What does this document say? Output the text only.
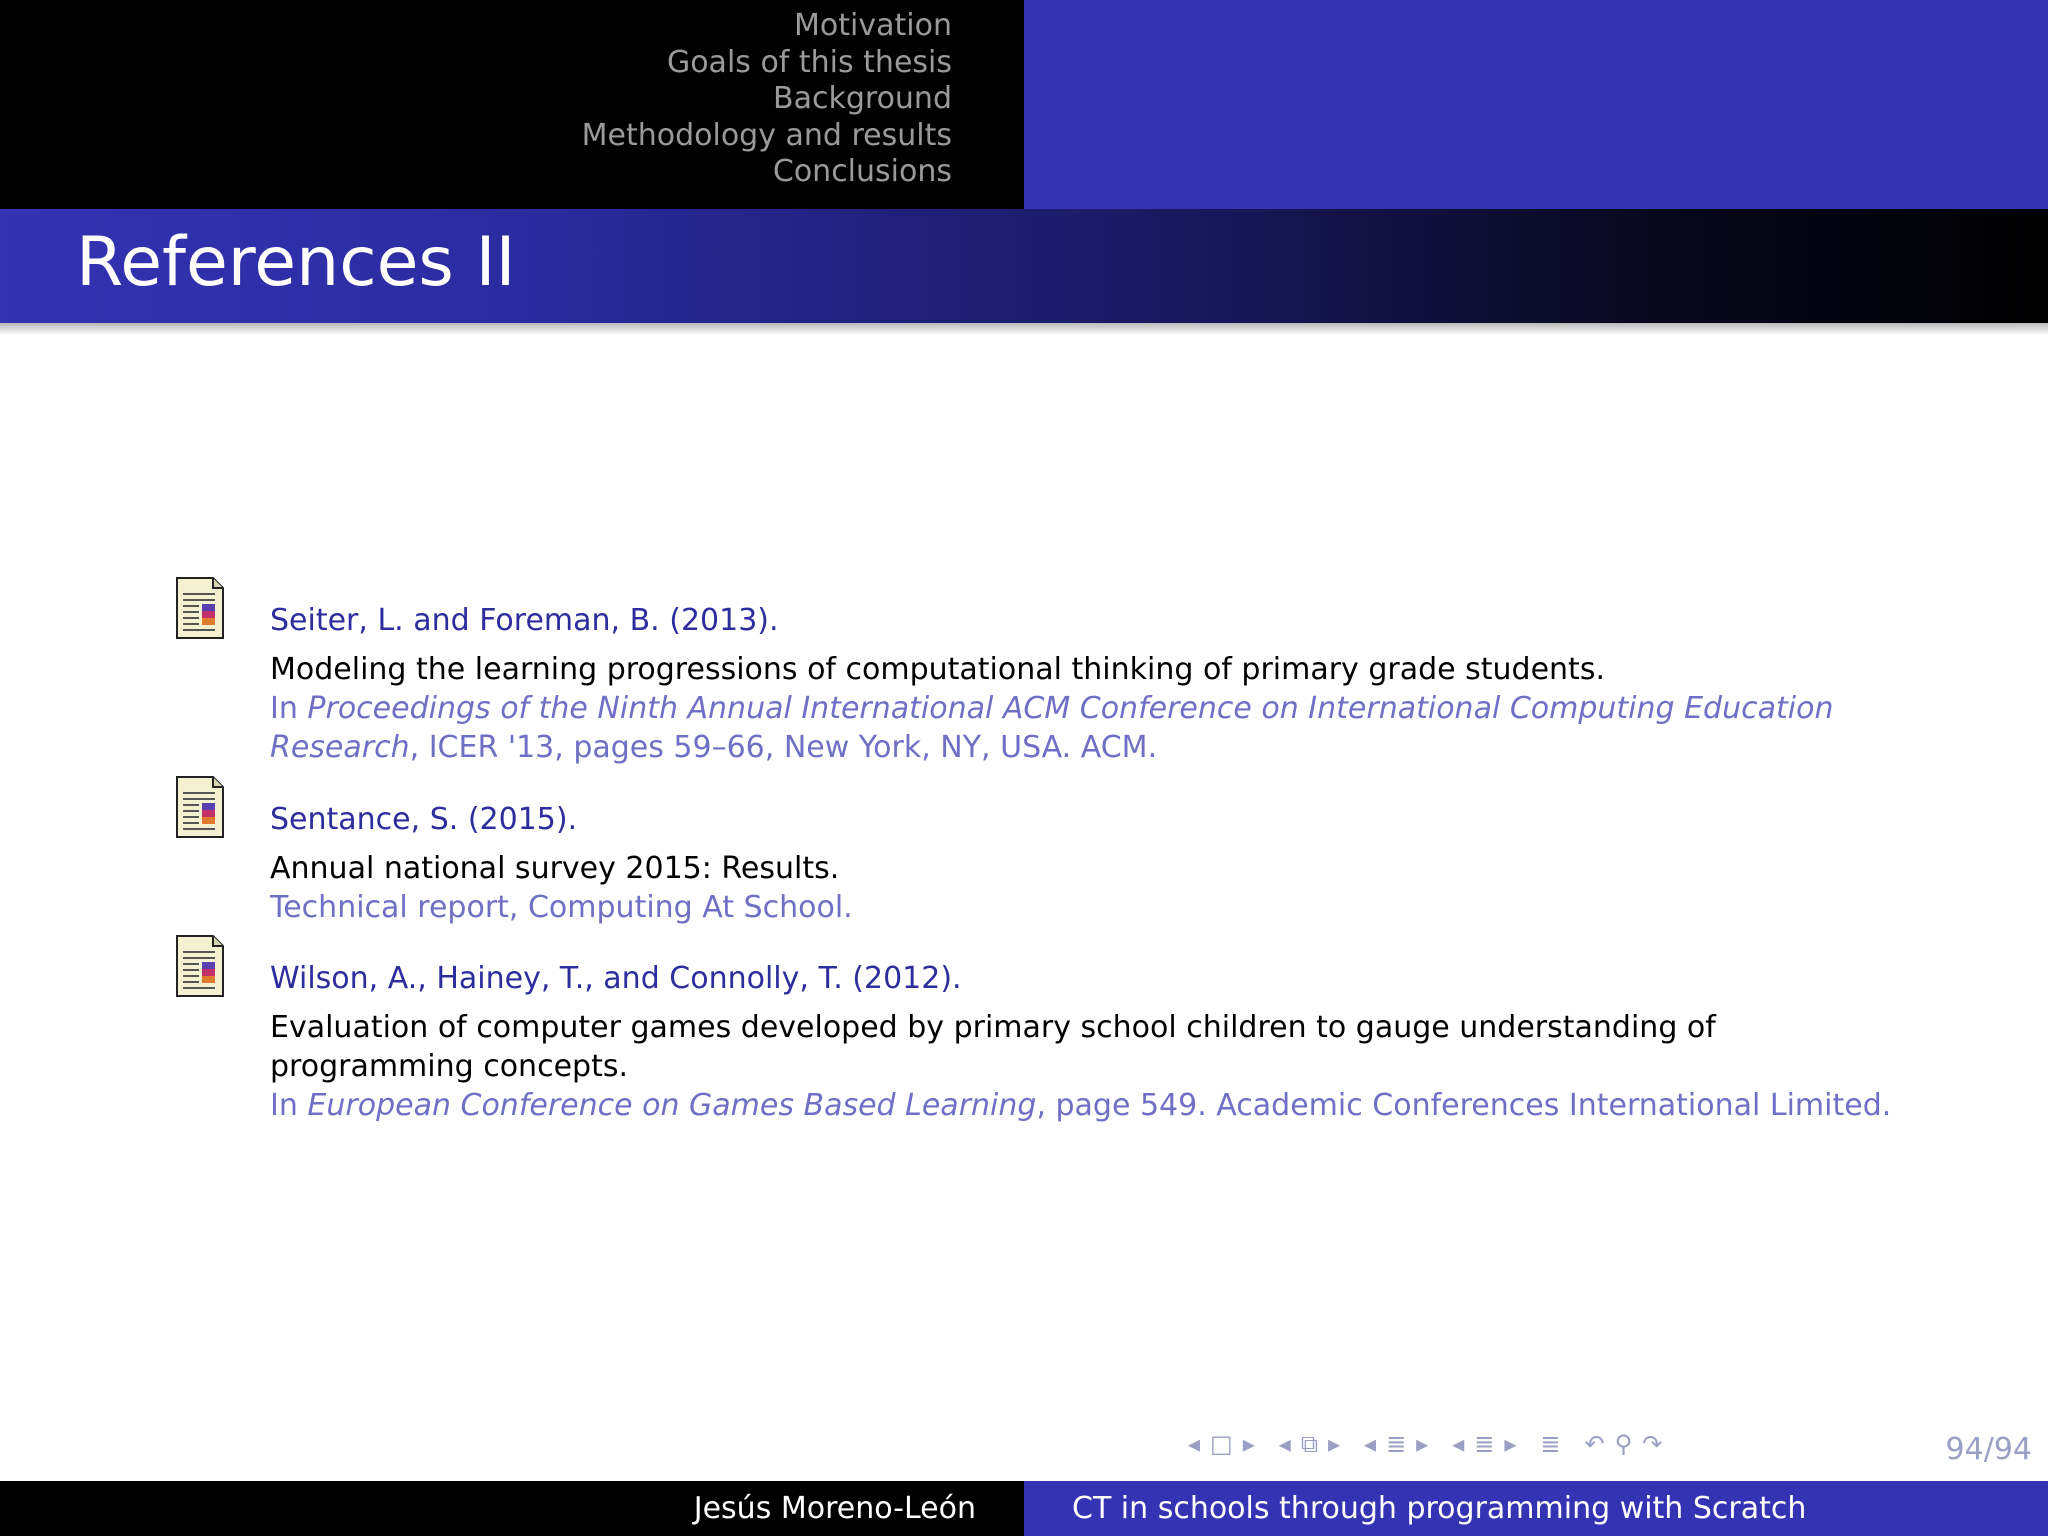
Motivation
Goals of this thesis
Background
Methodology and results
Conclusions
References II
Seiter, L. and Foreman, B. (2013).
Modeling the learning progressions of computational thinking of primary grade students.
In Proceedings of the Ninth Annual International ACM Conference on International Computing Education
Research, ICER '13, pages 59–66, New York, NY, USA. ACM.
Sentance, S. (2015).
Annual national survey 2015: Results.
Technical report, Computing At School.
Wilson, A., Hainey, T., and Connolly, T. (2012).
Evaluation of computer games developed by primary school children to gauge understanding of
programming concepts.
In European Conference on Games Based Learning, page 549. Academic Conferences International Limited.
◂ □ ▸ ◂ ⧉ ▸ ◂ ≣ ▸ ◂ ≣ ▸ ≣ ↶ ⚲ ↷	94/94
Jesús Moreno-León	CT in schools through programming with Scratch
